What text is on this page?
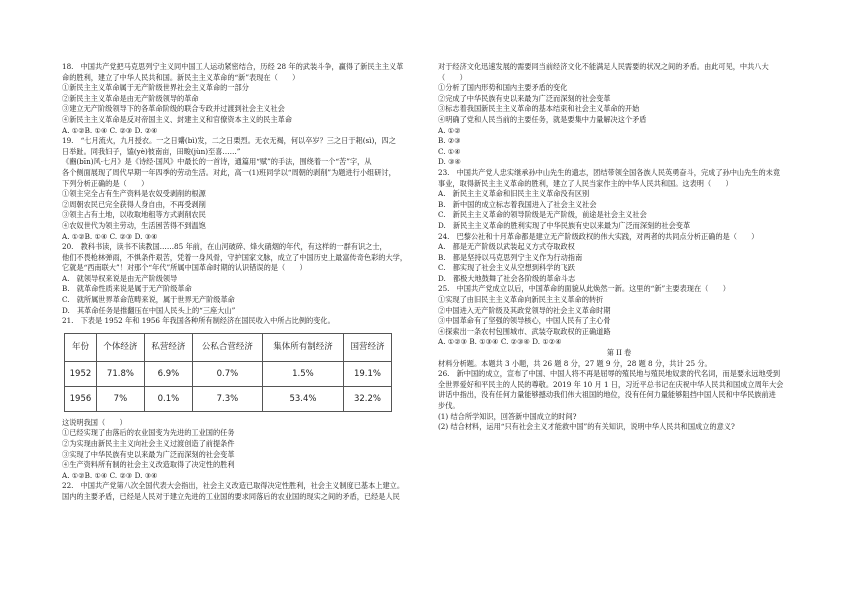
18.　中国共产党把马克思列宁主义同中国工人运动紧密结合，历经 28 年的武装斗争，赢得了新民主主义革
命的胜利，建立了中华人民共和国。新民主主义革命的“新”表现在（　　）
①新民主主义革命属于无产阶级世界社会主义革命的一部分
②新民主主义革命是由无产阶级领导的革命
③建立无产阶级领导下的各革命阶级的联合专政并过渡到社会主义社会
④新民主主义革命是反对帝国主义、封建主义和官僚资本主义的民主革命
A. ①②B. ①④ C. ②③ D. ②④
19.　“七月流火，九月授衣。一之日觱(bì)发，二之日栗烈。无衣无褐，何以卒岁？三之日于耜(sì)，四之
日举趾。同我妇子，馌(yè)彼南亩，田畯(jùn)至喜……”
《豳(bīn)风·七月》是《诗经·国风》中最长的一首诗，通篇用“赋”的手法，围绕着一个“苦”字，从
各个侧面展现了周代早期一年四季的劳动生活。对此，高一(1)班同学以“周朝的剥削”为题进行小组研讨，
下列分析正确的是（　　）
①领主完全占有生产资料是农奴受剥削的根源
②周朝农民已完全获得人身自由，不再受剥削
③领主占有土地，以收取地租等方式剥削农民
④农奴世代为领主劳动，生活困苦得不到温饱
A. ①②B. ①④ C. ②③ D. ③④
20.　教科书读，读书不读教国……85 年前，在山河破碎、烽火硝烟的年代，有这样的一群有识之士，
他们不畏枪林弹雨，不惧条件艰苦，凭着一身风骨，守护国家文脉，成立了中国历史上最富传奇色彩的大学，
它就是“西南联大”！对那个“年代”所属中国革命时期的认识错误的是（　　）
A.　就领导权来说是由无产阶级领导
B.　就革命性质来说是属于无产阶级革命
C.　就所属世界革命范畴来说，属于世界无产阶级革命
D.　其革命任务是推翻压在中国人民头上的“三座大山”
21.　下表是 1952 年和 1956 年我国各种所有制经济在国民收入中所占比例的变化。
年份	个体经济	私营经济	公私合营经济	集体所有制经济	国营经济
1952	71.8%	6.9%	0.7%	1.5%	19.1%
1956	7%	0.1%	7.3%	53.4%	32.2%
这说明我国（　　）
①已经实现了由落后的农业国变为先进的工业国的任务
②为实现由新民主主义向社会主义过渡创造了前提条件
③实现了中华民族有史以来最为广泛而深刻的社会变革
④生产资料所有制的社会主义改造取得了决定性的胜利
A. ①②B. ①④ C. ②③ D. ③④
22.　中国共产党第八次全国代表大会指出，社会主义改造已取得决定性胜利，社会主义制度已基本上建立。
国内的主要矛盾，已经是人民对于建立先进的工业国的要求同落后的农业国的现实之间的矛盾，已经是人民
对于经济文化迅速发展的需要同当前经济文化不能满足人民需要的状况之间的矛盾。由此可见，中共八大
（　　）
①分析了国内形势和国内主要矛盾的变化
②完成了中华民族有史以来最为广泛而深刻的社会变革
③标志着我国新民主主义革命的基本结束和社会主义革命的开始
④明确了党和人民当前的主要任务，就是要集中力量解决这个矛盾
A. ①②
B. ②③
C. ①④
D. ③④
23.　中国共产党人忠实继承孙中山先生的遗志，团结带领全国各族人民英勇奋斗，完成了孙中山先生的未竟
事业，取得新民主主义革命的胜利，建立了人民当家作主的中华人民共和国。这表明（　　）
A.　新民主主义革命和旧民主主义革命没有区别
B.　新中国的成立标志着我国进入了社会主义社会
C.　新民主主义革命的领导阶级是无产阶级，前途是社会主义社会
D.　新民主主义革命的胜利实现了中华民族有史以来最为广泛而深刻的社会变革
24.　巴黎公社和十月革命都是建立无产阶级政权的伟大实践，对两者的共同点分析正确的是（　　）
A.　都是无产阶级以武装起义方式夺取政权
B.　都是坚持以马克思列宁主义作为行动指南
C.　都实现了社会主义从空想到科学的飞跃
D.　都极大地鼓舞了社会各阶级的革命斗志
25.　中国共产党成立以后，中国革命的面貌从此焕然一新。这里的“新”主要表现在（　　）
①实现了由旧民主主义革命向新民主主义革命的转折
②中国进入无产阶级及其政党领导的社会主义革命时期
③中国革命有了坚强的领导核心，中国人民有了主心骨
④探索出一条农村包围城市、武装夺取政权的正确道路
A. ①②③ B. ①③④ C. ②③④ D. ①②④
第 II 卷
材料分析题。本题共 3 小题，共 26 题 8 分，27 题 9 分，28 题 8 分，共计 25 分。
26.　新中国的成立，宣布了中国、中国人将不再是屈辱的殖民地与殖民地奴隶的代名词，而是要永远地受到
全世界爱好和平民主的人民的尊敬。2019 年 10 月 1 日，习近平总书记在庆祝中华人民共和国成立周年大会
讲话中指出，没有任何力量能够撼动我们伟大祖国的地位，没有任何力量能够阻挡中国人民和中华民族前进
步伐。
(1) 结合所学知识，回答新中国成立的时间?
(2) 结合材料，运用“只有社会主义才能救中国”的有关知识，说明中华人民共和国成立的意义?
